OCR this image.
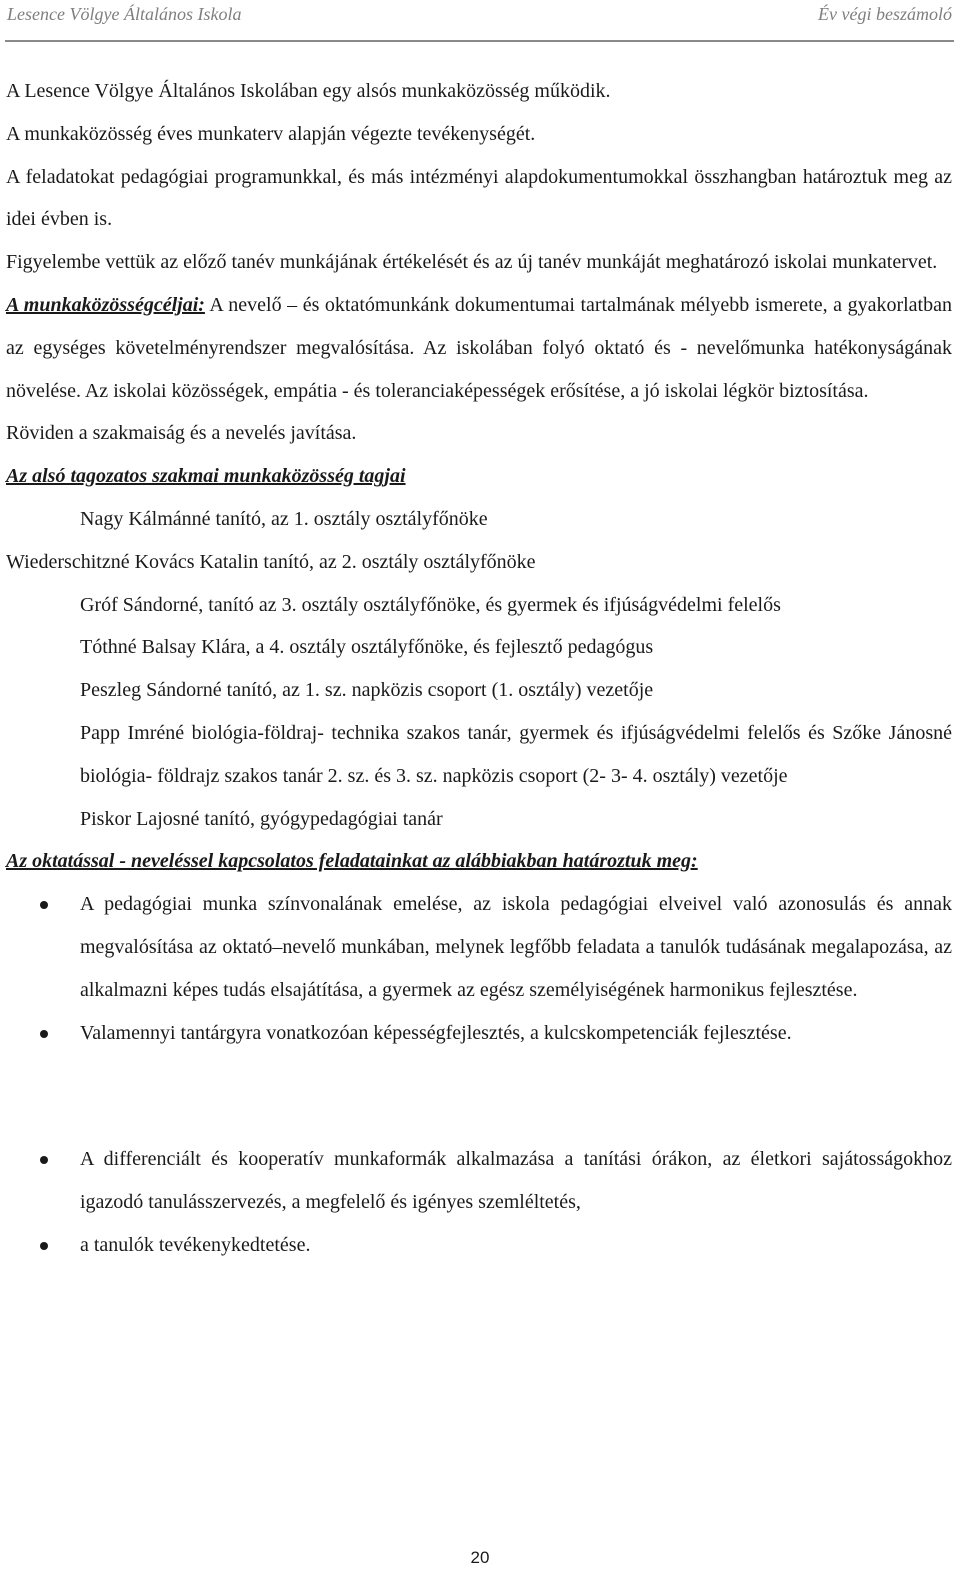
Lesence Völgye Általános Iskola	Év végi beszámoló

A Lesence Völgye Általános Iskolában egy alsós munkaközösség működik.

A munkaközösség éves munkaterv alapján végezte tevékenységét.

A feladatokat pedagógiai programunkkal, és más intézményi alapdokumentumokkal összhangban határoztuk meg az idei évben is.

Figyelembe vettük az előző tanév munkájának értékelését és az új tanév munkáját meghatározó iskolai munkatervet.

A munkaközösségcéljai: A nevelő – és oktatómunkánk dokumentumai tartalmának mélyebb ismerete, a gyakorlatban az egységes követelményrendszer megvalósítása. Az iskolában folyó oktató és - nevelőmunka hatékonyságának növelése. Az iskolai közösségek, empátia - és toleranciaképességek erősítése, a jó iskolai légkör biztosítása.

Röviden a szakmaiság és a nevelés javítása.

Az alsó tagozatos szakmai munkaközösség tagjai

Nagy Kálmánné tanító, az 1. osztály osztályfőnöke

Wiederschitzné Kovács Katalin tanító, az 2. osztály osztályfőnöke

Gróf Sándorné, tanító az 3. osztály osztályfőnöke, és gyermek és ifjúságvédelmi felelős

Tóthné Balsay Klára, a 4. osztály osztályfőnöke, és fejlesztő pedagógus

Peszleg Sándorné tanító, az 1. sz. napközis csoport (1. osztály) vezetője

Papp Imréné biológia-földraj- technika szakos tanár, gyermek és ifjúságvédelmi felelős és Szőke Jánosné biológia- földrajz szakos tanár 2. sz. és 3. sz. napközis csoport (2- 3- 4. osztály) vezetője

Piskor Lajosné tanító, gyógypedagógiai tanár

Az oktatással - neveléssel kapcsolatos feladatainkat az alábbiakban határoztuk meg:

A pedagógiai munka színvonalának emelése, az iskola pedagógiai elveivel való azonosulás és annak megvalósítása az oktató–nevelő munkában, melynek legfőbb feladata a tanulók tudásának megalapozása, az alkalmazni képes tudás elsajátítása, a gyermek az egész személyiségének harmonikus fejlesztése.
Valamennyi tantárgyra vonatkozóan képességfejlesztés, a kulcskompetenciák fejlesztése.
A differenciált és kooperatív munkaformák alkalmazása a tanítási órákon, az életkori sajátosságokhoz igazodó tanulásszervezés, a megfelelő és igényes szemléltetés,
a tanulók tevékenykedtetése.
20
